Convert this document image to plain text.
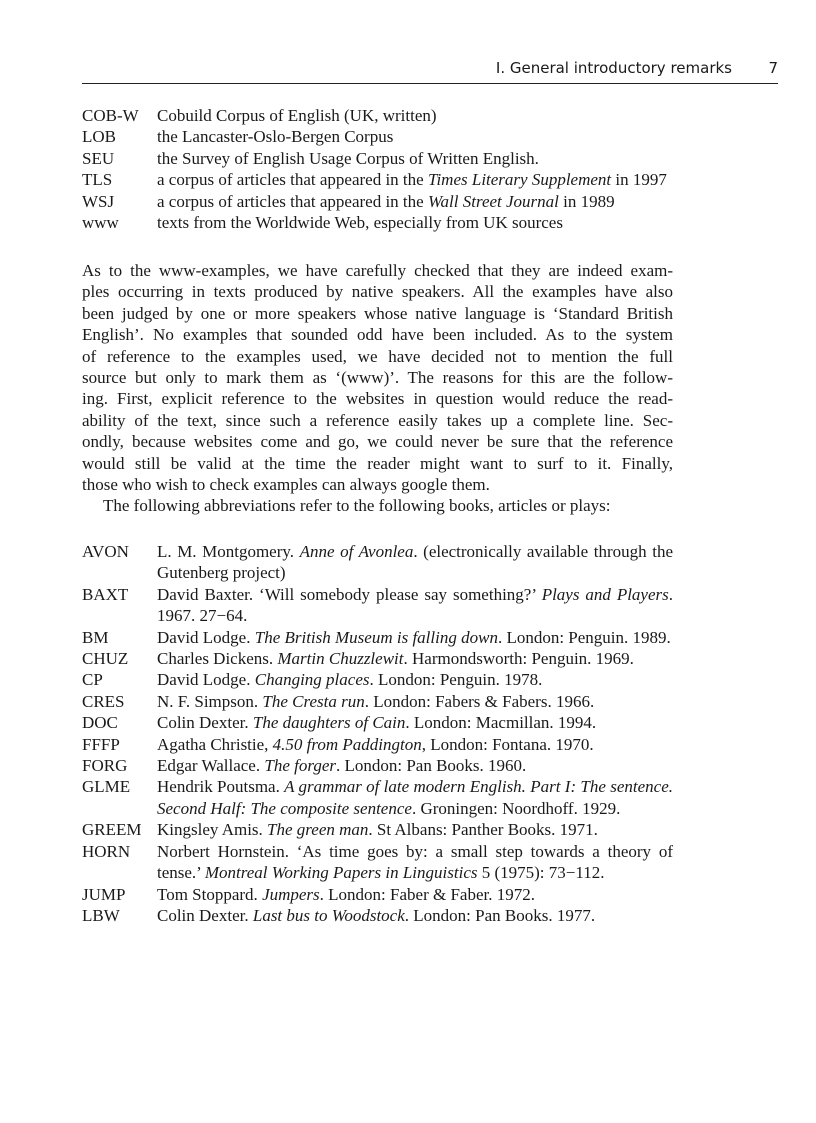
I. General introductory remarks 7
COB-W	Cobuild Corpus of English (UK, written)
LOB	the Lancaster-Oslo-Bergen Corpus
SEU	the Survey of English Usage Corpus of Written English.
TLS	a corpus of articles that appeared in the Times Literary Supplement in 1997
WSJ	a corpus of articles that appeared in the Wall Street Journal in 1989
www	texts from the Worldwide Web, especially from UK sources
As to the www-examples, we have carefully checked that they are indeed exam-
ples occurring in texts produced by native speakers. All the examples have also
been judged by one or more speakers whose native language is ‘Standard British
English’. No examples that sounded odd have been included. As to the system
of reference to the examples used, we have decided not to mention the full
source but only to mark them as ‘(www)’. The reasons for this are the follow-
ing. First, explicit reference to the websites in question would reduce the read-
ability of the text, since such a reference easily takes up a complete line. Sec-
ondly, because websites come and go, we could never be sure that the reference
would still be valid at the time the reader might want to surf to it. Finally,
those who wish to check examples can always google them.
The following abbreviations refer to the following books, articles or plays:
AVON	L. M. Montgomery. Anne of Avonlea. (electronically available through the Gutenberg project)
BAXT	David Baxter. ‘Will somebody please say something?’ Plays and Players. 1967. 27−64.
BM	David Lodge. The British Museum is falling down. London: Penguin. 1989.
CHUZ	Charles Dickens. Martin Chuzzlewit. Harmondsworth: Penguin. 1969.
CP	David Lodge. Changing places. London: Penguin. 1978.
CRES	N. F. Simpson. The Cresta run. London: Fabers & Fabers. 1966.
DOC	Colin Dexter. The daughters of Cain. London: Macmillan. 1994.
FFFP	Agatha Christie, 4.50 from Paddington, London: Fontana. 1970.
FORG	Edgar Wallace. The forger. London: Pan Books. 1960.
GLME	Hendrik Poutsma. A grammar of late modern English. Part I: The sentence. Second Half: The composite sentence. Groningen: Noordhoff. 1929.
GREEM Kingsley Amis. The green man. St Albans: Panther Books. 1971.
HORN	Norbert Hornstein. ‘As time goes by: a small step towards a theory of tense.’ Montreal Working Papers in Linguistics 5 (1975): 73−112.
JUMP	Tom Stoppard. Jumpers. London: Faber & Faber. 1972.
LBW	Colin Dexter. Last bus to Woodstock. London: Pan Books. 1977.
